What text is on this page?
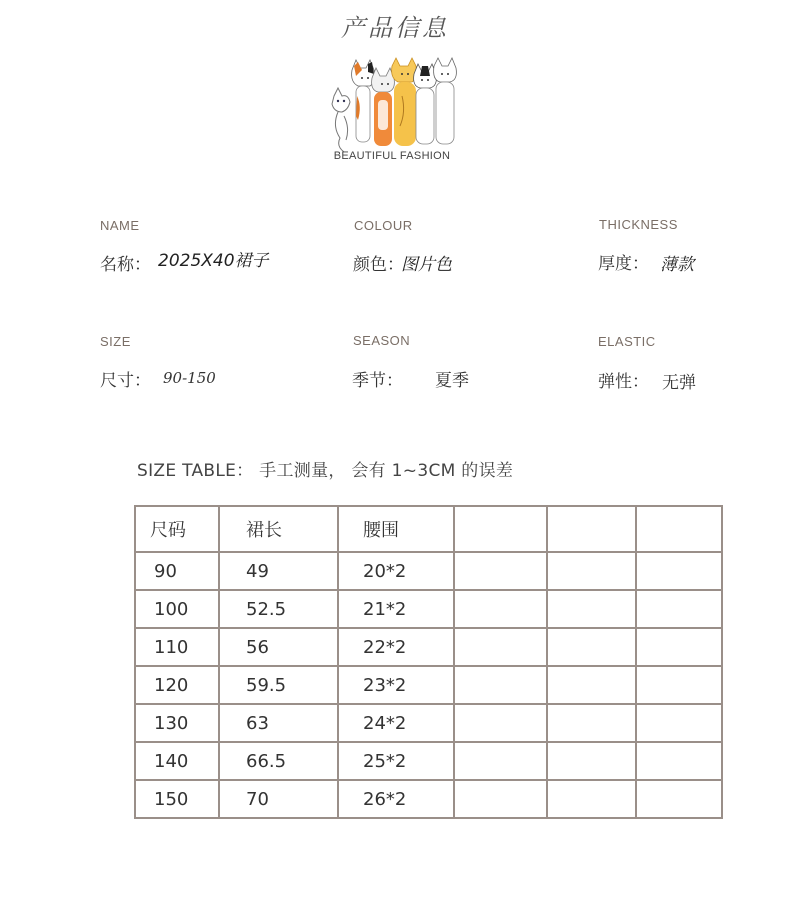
产品信息
BEAUTIFUL FASHION
NAME
名称： 2025X40裙子
COLOUR
颜色：
图片色
THICKNESS
厚度： 薄款
SIZE
尺寸： 90-150
SEASON
季节： 夏季
ELASTIC
弹性： 无弹
SIZE TABLE： 手工测量， 会有 1~3CM 的误差
尺码	裙长	腰围			
90	49	20*2			
100	52.5	21*2			
110	56	22*2			
120	59.5	23*2			
130	63	24*2			
140	66.5	25*2			
150	70	26*2			
